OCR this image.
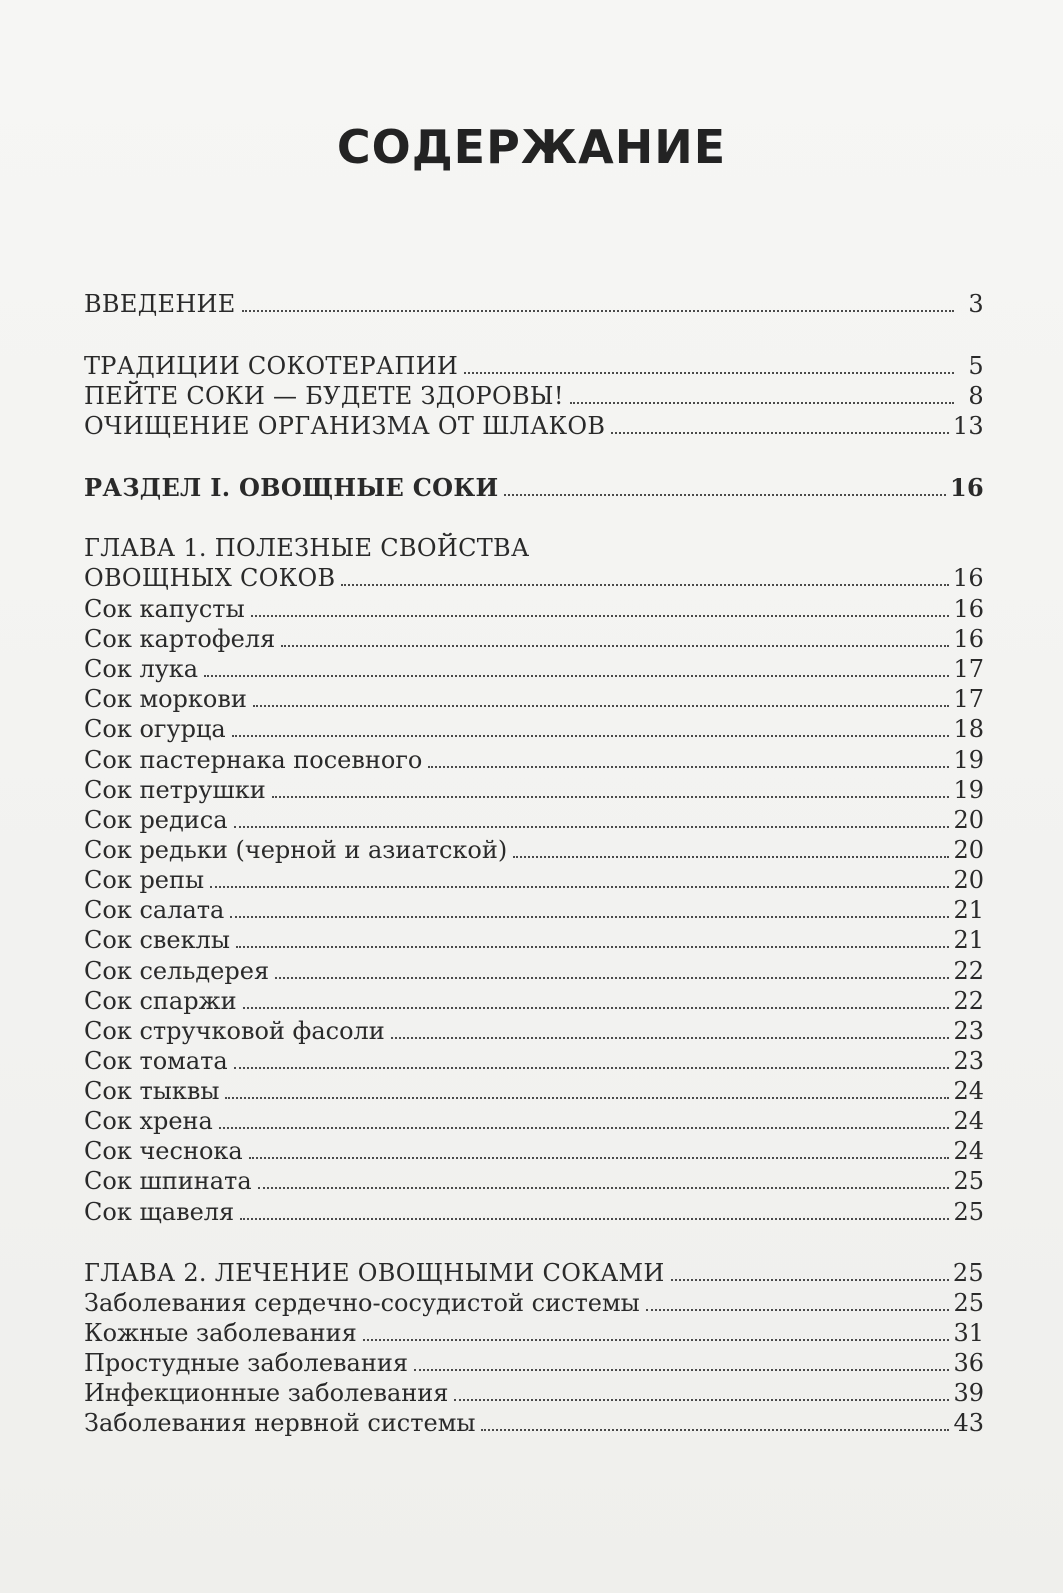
СОДЕРЖАНИЕ
ВВЕДЕНИЕ	3
ТРАДИЦИИ СОКОТЕРАПИИ	5
ПЕЙТЕ СОКИ — БУДЕТЕ ЗДОРОВЫ!	8
ОЧИЩЕНИЕ ОРГАНИЗМА ОТ ШЛАКОВ	13
РАЗДЕЛ I. ОВОЩНЫЕ СОКИ	16
ГЛАВА 1. ПОЛЕЗНЫЕ СВОЙСТВА
ОВОЩНЫХ СОКОВ	16
Сок капусты	16
Сок картофеля	16
Сок лука	17
Сок моркови	17
Сок огурца	18
Сок пастернака посевного	19
Сок петрушки	19
Сок редиса	20
Сок редьки (черной и азиатской)	20
Сок репы	20
Сок салата	21
Сок свеклы	21
Сок сельдерея	22
Сок спаржи	22
Сок стручковой фасоли	23
Сок томата	23
Сок тыквы	24
Сок хрена	24
Сок чеснока	24
Сок шпината	25
Сок щавеля	25
ГЛАВА 2. ЛЕЧЕНИЕ ОВОЩНЫМИ СОКАМИ	25
Заболевания сердечно-сосудистой системы	25
Кожные заболевания	31
Простудные заболевания	36
Инфекционные заболевания	39
Заболевания нервной системы	43
